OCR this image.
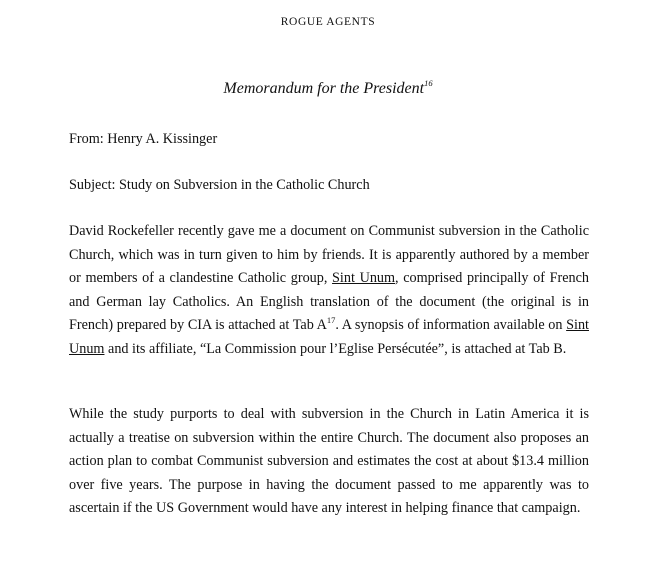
ROGUE AGENTS
Memorandum for the President$^{16}$
From: Henry A. Kissinger
Subject: Study on Subversion in the Catholic Church

David Rockefeller recently gave me a document on Communist subversion in the Catholic Church, which was in turn given to him by friends. It is apparently authored by a member or members of a clandestine Catholic group, Sint Unum, comprised principally of French and German lay Catholics. An English translation of the document (the original is in French) prepared by CIA is attached at Tab A$^{17}$. A synopsis of information available on Sint Unum and its affiliate, “La Commission pour l’Eglise Persécutée”, is attached at Tab B.

While the study purports to deal with subversion in the Church in Latin America it is actually a treatise on subversion within the entire Church. The document also proposes an action plan to combat Communist subversion and estimates the cost at about $13.4 million over five years. The purpose in having the document passed to me apparently was to ascertain if the US Government would have any interest in helping finance that campaign.
